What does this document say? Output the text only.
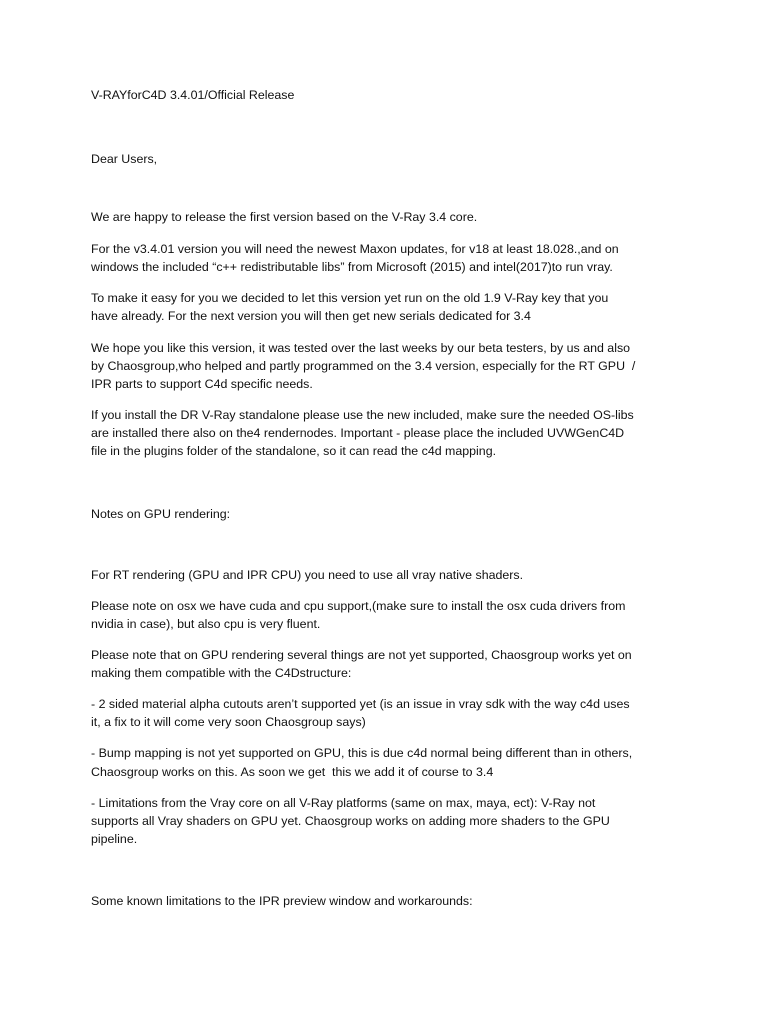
V-RAYforC4D 3.4.01/Official Release

Dear Users,

We are happy to release the first version based on the V-Ray 3.4 core.

For the v3.4.01 version you will need the newest Maxon updates, for v18 at least 18.028.,and on

windows the included “c++ redistributable libs” from Microsoft (2015) and intel(2017)to run vray.

To make it easy for you we decided to let this version yet run on the old 1.9 V-Ray key that you

have already. For the next version you will then get new serials dedicated for 3.4

We hope you like this version, it was tested over the last weeks by our beta testers, by us and also

by Chaosgroup,who helped and partly programmed on the 3.4 version, especially for the RT GPU  /

IPR parts to support C4d specific needs.

If you install the DR V-Ray standalone please use the new included, make sure the needed OS-libs

are installed there also on the4 rendernodes. Important - please place the included UVWGenC4D

file in the plugins folder of the standalone, so it can read the c4d mapping.

Notes on GPU rendering:

For RT rendering (GPU and IPR CPU) you need to use all vray native shaders.

Please note on osx we have cuda and cpu support,(make sure to install the osx cuda drivers from

nvidia in case), but also cpu is very fluent.

Please note that on GPU rendering several things are not yet supported, Chaosgroup works yet on

making them compatible with the C4Dstructure:

- 2 sided material alpha cutouts aren’t supported yet (is an issue in vray sdk with the way c4d uses

it, a fix to it will come very soon Chaosgroup says)

- Bump mapping is not yet supported on GPU, this is due c4d normal being different than in others,

Chaosgroup works on this. As soon we get  this we add it of course to 3.4

- Limitations from the Vray core on all V-Ray platforms (same on max, maya, ect): V-Ray not

supports all Vray shaders on GPU yet. Chaosgroup works on adding more shaders to the GPU

pipeline.

Some known limitations to the IPR preview window and workarounds:
